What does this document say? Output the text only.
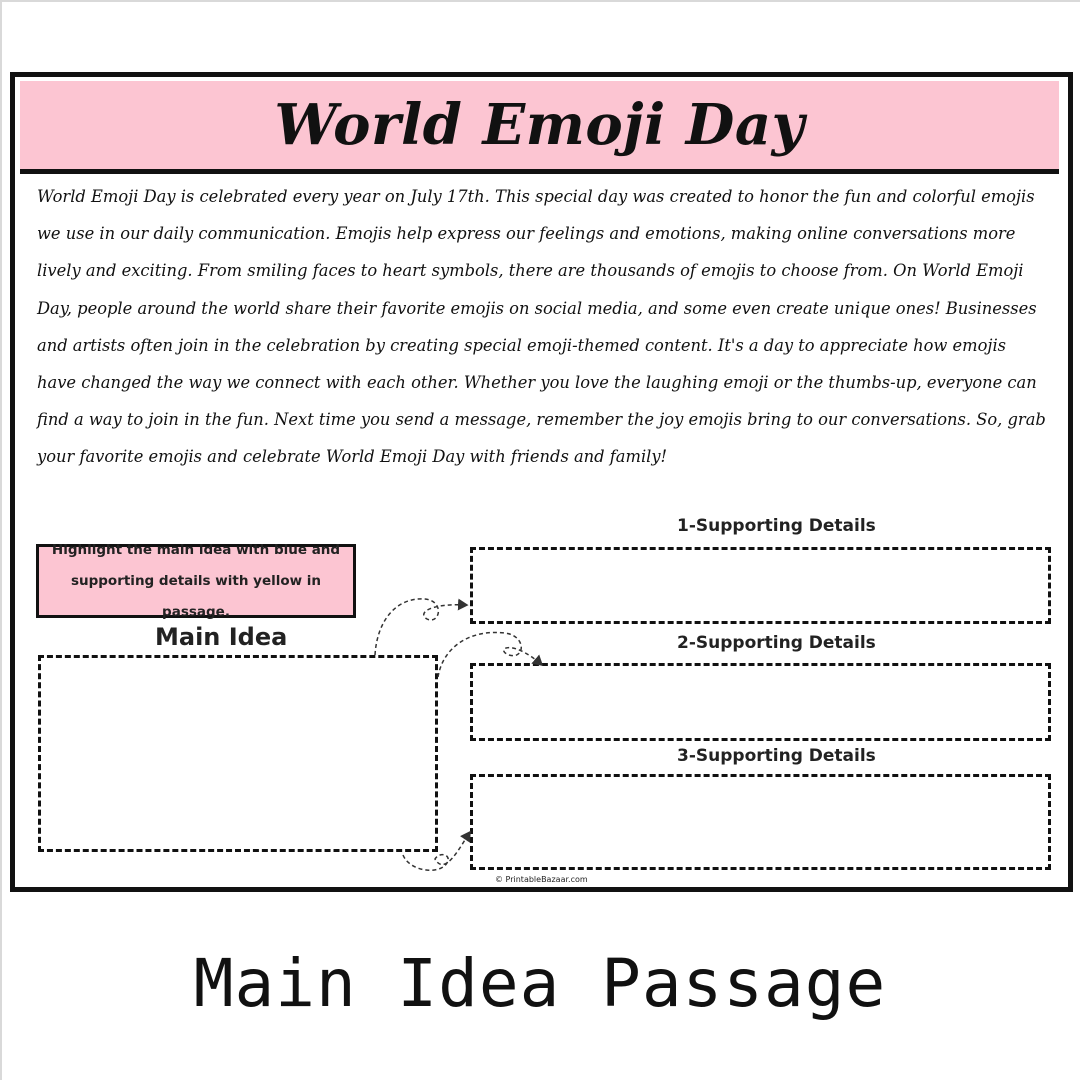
World Emoji Day

World Emoji Day is celebrated every year on July 17th. This special day was created to honor the fun and colorful emojis we use in our daily communication. Emojis help express our feelings and emotions, making online conversations more lively and exciting. From smiling faces to heart symbols, there are thousands of emojis to choose from. On World Emoji Day, people around the world share their favorite emojis on social media, and some even create unique ones! Businesses and artists often join in the celebration by creating special emoji-themed content. It's a day to appreciate how emojis have changed the way we connect with each other. Whether you love the laughing emoji or the thumbs-up, everyone can find a way to join in the fun. Next time you send a message, remember the joy emojis bring to our conversations. So, grab your favorite emojis and celebrate World Emoji Day with friends and family!

Highlight the main idea with blue and supporting details with yellow in passage.
Main Idea
1-Supporting Details
2-Supporting Details
3-Supporting Details
© PrintableBazaar.com
Main Idea Passage
